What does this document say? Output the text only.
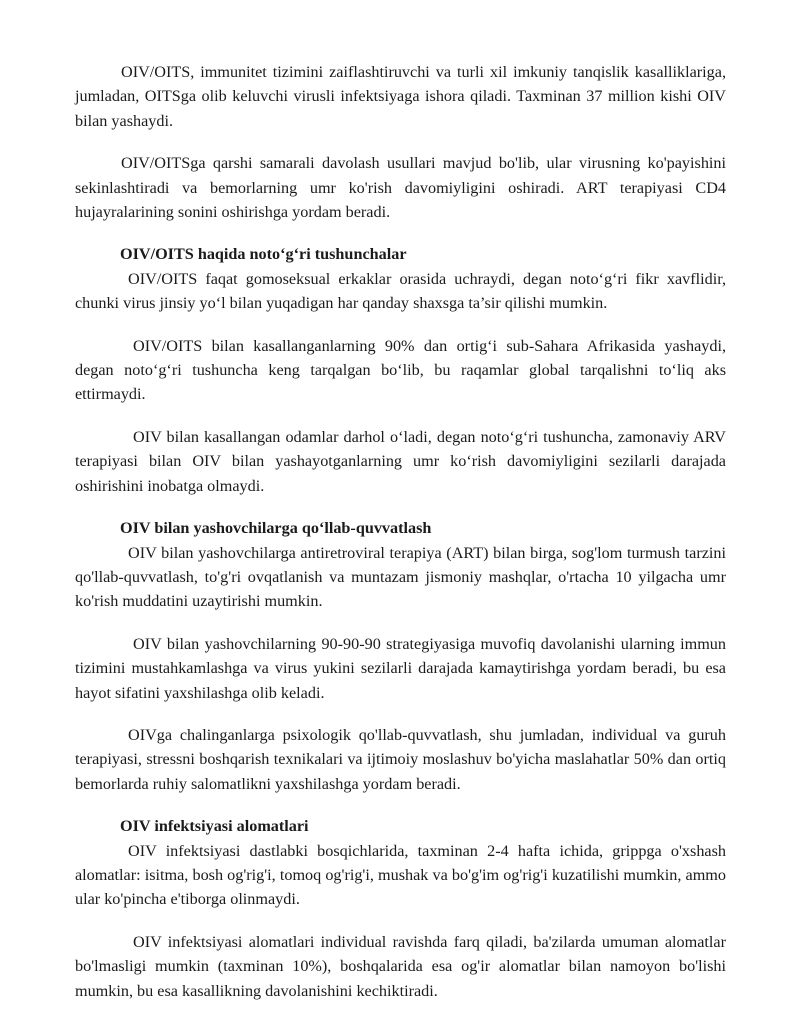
OIV/OITS, immunitet tizimini zaiflashtiruvchi va turli xil imkuniy tanqislik kasalliklariga, jumladan, OITSga olib keluvchi virusli infektsiyaga ishora qiladi. Taxminan 37 million kishi OIV bilan yashaydi.

OIV/OITSga qarshi samarali davolash usullari mavjud bo'lib, ular virusning ko'payishini sekinlashtiradi va bemorlarning umr ko'rish davomiyligini oshiradi. ART terapiyasi CD4 hujayralarining sonini oshirishga yordam beradi.

OIV/OITS haqida noto‘g‘ri tushunchalar

OIV/OITS faqat gomoseksual erkaklar orasida uchraydi, degan noto‘g‘ri fikr xavflidir, chunki virus jinsiy yo‘l bilan yuqadigan har qanday shaxsga ta’sir qilishi mumkin.

OIV/OITS bilan kasallanganlarning 90% dan ortig‘i sub-Sahara Afrikasida yashaydi, degan noto‘g‘ri tushuncha keng tarqalgan bo‘lib, bu raqamlar global tarqalishni to‘liq aks ettirmaydi.

OIV bilan kasallangan odamlar darhol o‘ladi, degan noto‘g‘ri tushuncha, zamonaviy ARV terapiyasi bilan OIV bilan yashayotganlarning umr ko‘rish davomiyligini sezilarli darajada oshirishini inobatga olmaydi.

OIV bilan yashovchilarga qo‘llab-quvvatlash

OIV bilan yashovchilarga antiretroviral terapiya (ART) bilan birga, sog'lom turmush tarzini qo'llab-quvvatlash, to'g'ri ovqatlanish va muntazam jismoniy mashqlar, o'rtacha 10 yilgacha umr ko'rish muddatini uzaytirishi mumkin.

OIV bilan yashovchilarning 90-90-90 strategiyasiga muvofiq davolanishi ularning immun tizimini mustahkamlashga va virus yukini sezilarli darajada kamaytirishga yordam beradi, bu esa hayot sifatini yaxshilashga olib keladi.

OIVga chalinganlarga psixologik qo'llab-quvvatlash, shu jumladan, individual va guruh terapiyasi, stressni boshqarish texnikalari va ijtimoiy moslashuv bo'yicha maslahatlar 50% dan ortiq bemorlarda ruhiy salomatlikni yaxshilashga yordam beradi.

OIV infektsiyasi alomatlari

OIV infektsiyasi dastlabki bosqichlarida, taxminan 2-4 hafta ichida, grippga o'xshash alomatlar: isitma, bosh og'rig'i, tomoq og'rig'i, mushak va bo'g'im og'rig'i kuzatilishi mumkin, ammo ular ko'pincha e'tiborga olinmaydi.

OIV infektsiyasi alomatlari individual ravishda farq qiladi, ba'zilarda umuman alomatlar bo'lmasligi mumkin (taxminan 10%), boshqalarida esa og'ir alomatlar bilan namoyon bo'lishi mumkin, bu esa kasallikning davolanishini kechiktiradi.
